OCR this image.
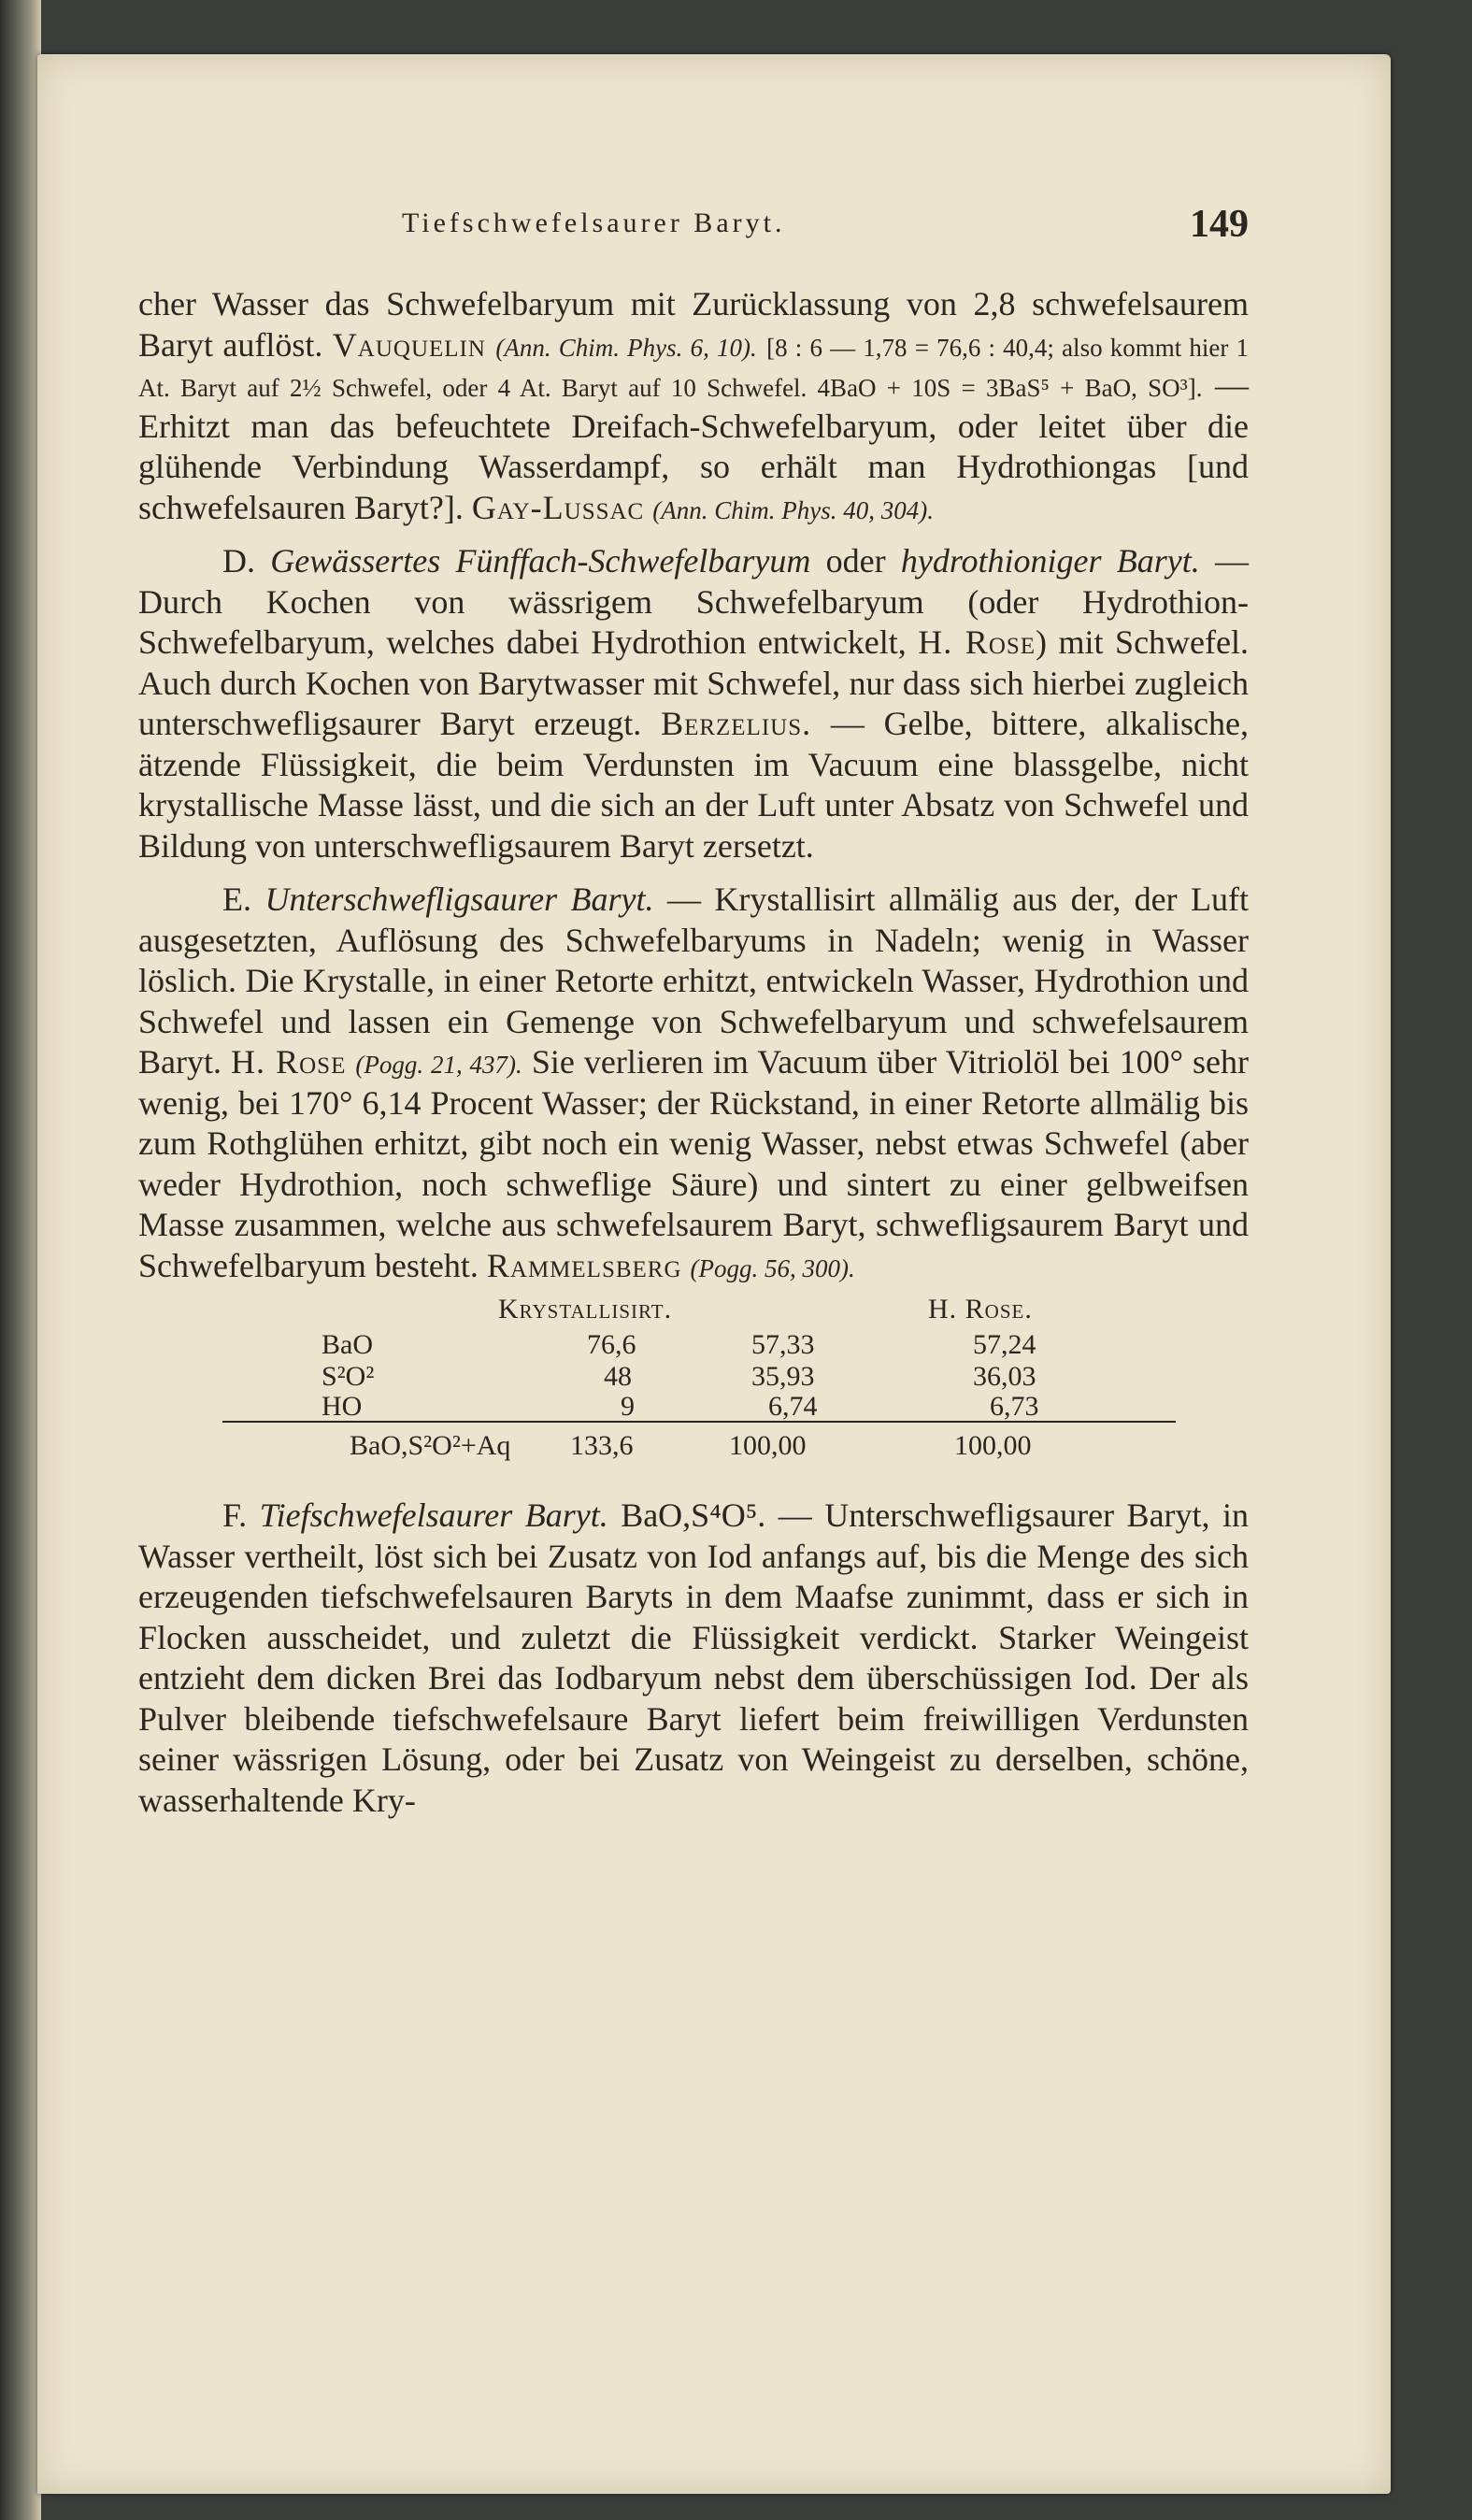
Tiefschwefelsaurer Baryt.	149

cher Wasser das Schwefelbaryum mit Zurücklassung von 2,8 schwefelsaurem Baryt auflöst. Vauquelin (Ann. Chim. Phys. 6, 10). [8 : 6 — 1,78 = 76,6 : 40,4; also kommt hier 1 At. Baryt auf 2½ Schwefel, oder 4 At. Baryt auf 10 Schwefel. 4BaO + 10S = 3BaS⁵ + BaO, SO³]. — Erhitzt man das befeuchtete Dreifach-Schwefelbaryum, oder leitet über die glühende Verbindung Wasserdampf, so erhält man Hydrothiongas [und schwefelsauren Baryt?]. Gay-Lussac (Ann. Chim. Phys. 40, 304).

D. Gewässertes Fünffach-Schwefelbaryum oder hydrothioniger Baryt. — Durch Kochen von wässrigem Schwefelbaryum (oder Hydrothion-Schwefelbaryum, welches dabei Hydrothion entwickelt, H. Rose) mit Schwefel. Auch durch Kochen von Barytwasser mit Schwefel, nur dass sich hierbei zugleich unterschwefligsaurer Baryt erzeugt. Berzelius. — Gelbe, bittere, alkalische, ätzende Flüssigkeit, die beim Verdunsten im Vacuum eine blassgelbe, nicht krystallische Masse lässt, und die sich an der Luft unter Absatz von Schwefel und Bildung von unterschwefligsaurem Baryt zersetzt.

E. Unterschwefligsaurer Baryt. — Krystallisirt allmälig aus der, der Luft ausgesetzten, Auflösung des Schwefelbaryums in Nadeln; wenig in Wasser löslich. Die Krystalle, in einer Retorte erhitzt, entwickeln Wasser, Hydrothion und Schwefel und lassen ein Gemenge von Schwefelbaryum und schwefelsaurem Baryt. H. Rose (Pogg. 21, 437). Sie verlieren im Vacuum über Vitriolöl bei 100° sehr wenig, bei 170° 6,14 Procent Wasser; der Rückstand, in einer Retorte allmälig bis zum Rothglühen erhitzt, gibt noch ein wenig Wasser, nebst etwas Schwefel (aber weder Hydrothion, noch schweflige Säure) und sintert zu einer gelbweifsen Masse zusammen, welche aus schwefelsaurem Baryt, schwefligsaurem Baryt und Schwefelbaryum besteht. Rammelsberg (Pogg. 56, 300).

Krystallisirt.	H. Rose.
BaO	76,6	57,33	57,24
S²O²	48	35,93	36,03
HO	9	6,74	6,73
BaO,S²O²+Aq 133,6	100,00	100,00

F. Tiefschwefelsaurer Baryt. BaO,S⁴O⁵. — Unterschwefligsaurer Baryt, in Wasser vertheilt, löst sich bei Zusatz von Iod anfangs auf, bis die Menge des sich erzeugenden tiefschwefelsauren Baryts in dem Maafse zunimmt, dass er sich in Flocken ausscheidet, und zuletzt die Flüssigkeit verdickt. Starker Weingeist entzieht dem dicken Brei das Iodbaryum nebst dem überschüssigen Iod. Der als Pulver bleibende tiefschwefelsaure Baryt liefert beim freiwilligen Verdunsten seiner wässrigen Lösung, oder bei Zusatz von Weingeist zu derselben, schöne, wasserhaltende Kry-
